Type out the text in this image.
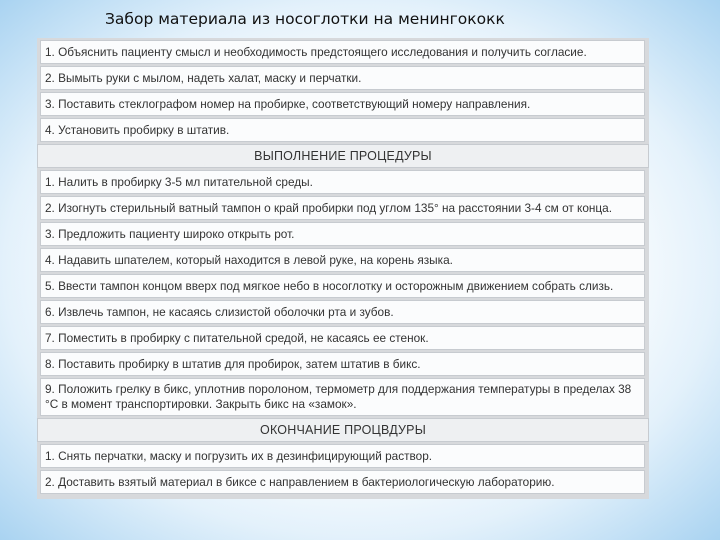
Забор материала из носоглотки на менингококк
1. Объяснить пациенту смысл и необходимость предстоящего исследования и получить согласие.
2. Вымыть руки с мылом, надеть халат, маску и перчатки.
3. Поставить стеклографом номер на пробирке, соответствующий номеру направления.
4. Установить пробирку в штатив.
ВЫПОЛНЕНИЕ ПРОЦЕДУРЫ
1. Налить в пробирку 3-5 мл питательной среды.
2. Изогнуть стерильный ватный тампон о край пробирки под углом 135° на расстоянии 3-4 см от конца.
3. Предложить пациенту широко открыть рот.
4. Надавить шпателем, который находится в левой руке, на корень языка.
5. Ввести тампон концом вверх под мягкое небо в носоглотку и осторожным движением собрать слизь.
6. Извлечь тампон, не касаясь слизистой оболочки рта и зубов.
7. Поместить в пробирку с питательной средой, не касаясь ее стенок.
8. Поставить пробирку в штатив для пробирок, затем штатив в бикс.
9. Положить грелку в бикс, уплотнив поролоном, термометр для поддержания температуры в пределах 38 °С в момент транспортировки. Закрыть бикс на «замок».
ОКОНЧАНИЕ ПРОЦВДУРЫ
1. Снять перчатки, маску и погрузить их в дезинфицирующий раствор.
2. Доставить взятый материал в биксе с направлением в бактериологическую лабораторию.
